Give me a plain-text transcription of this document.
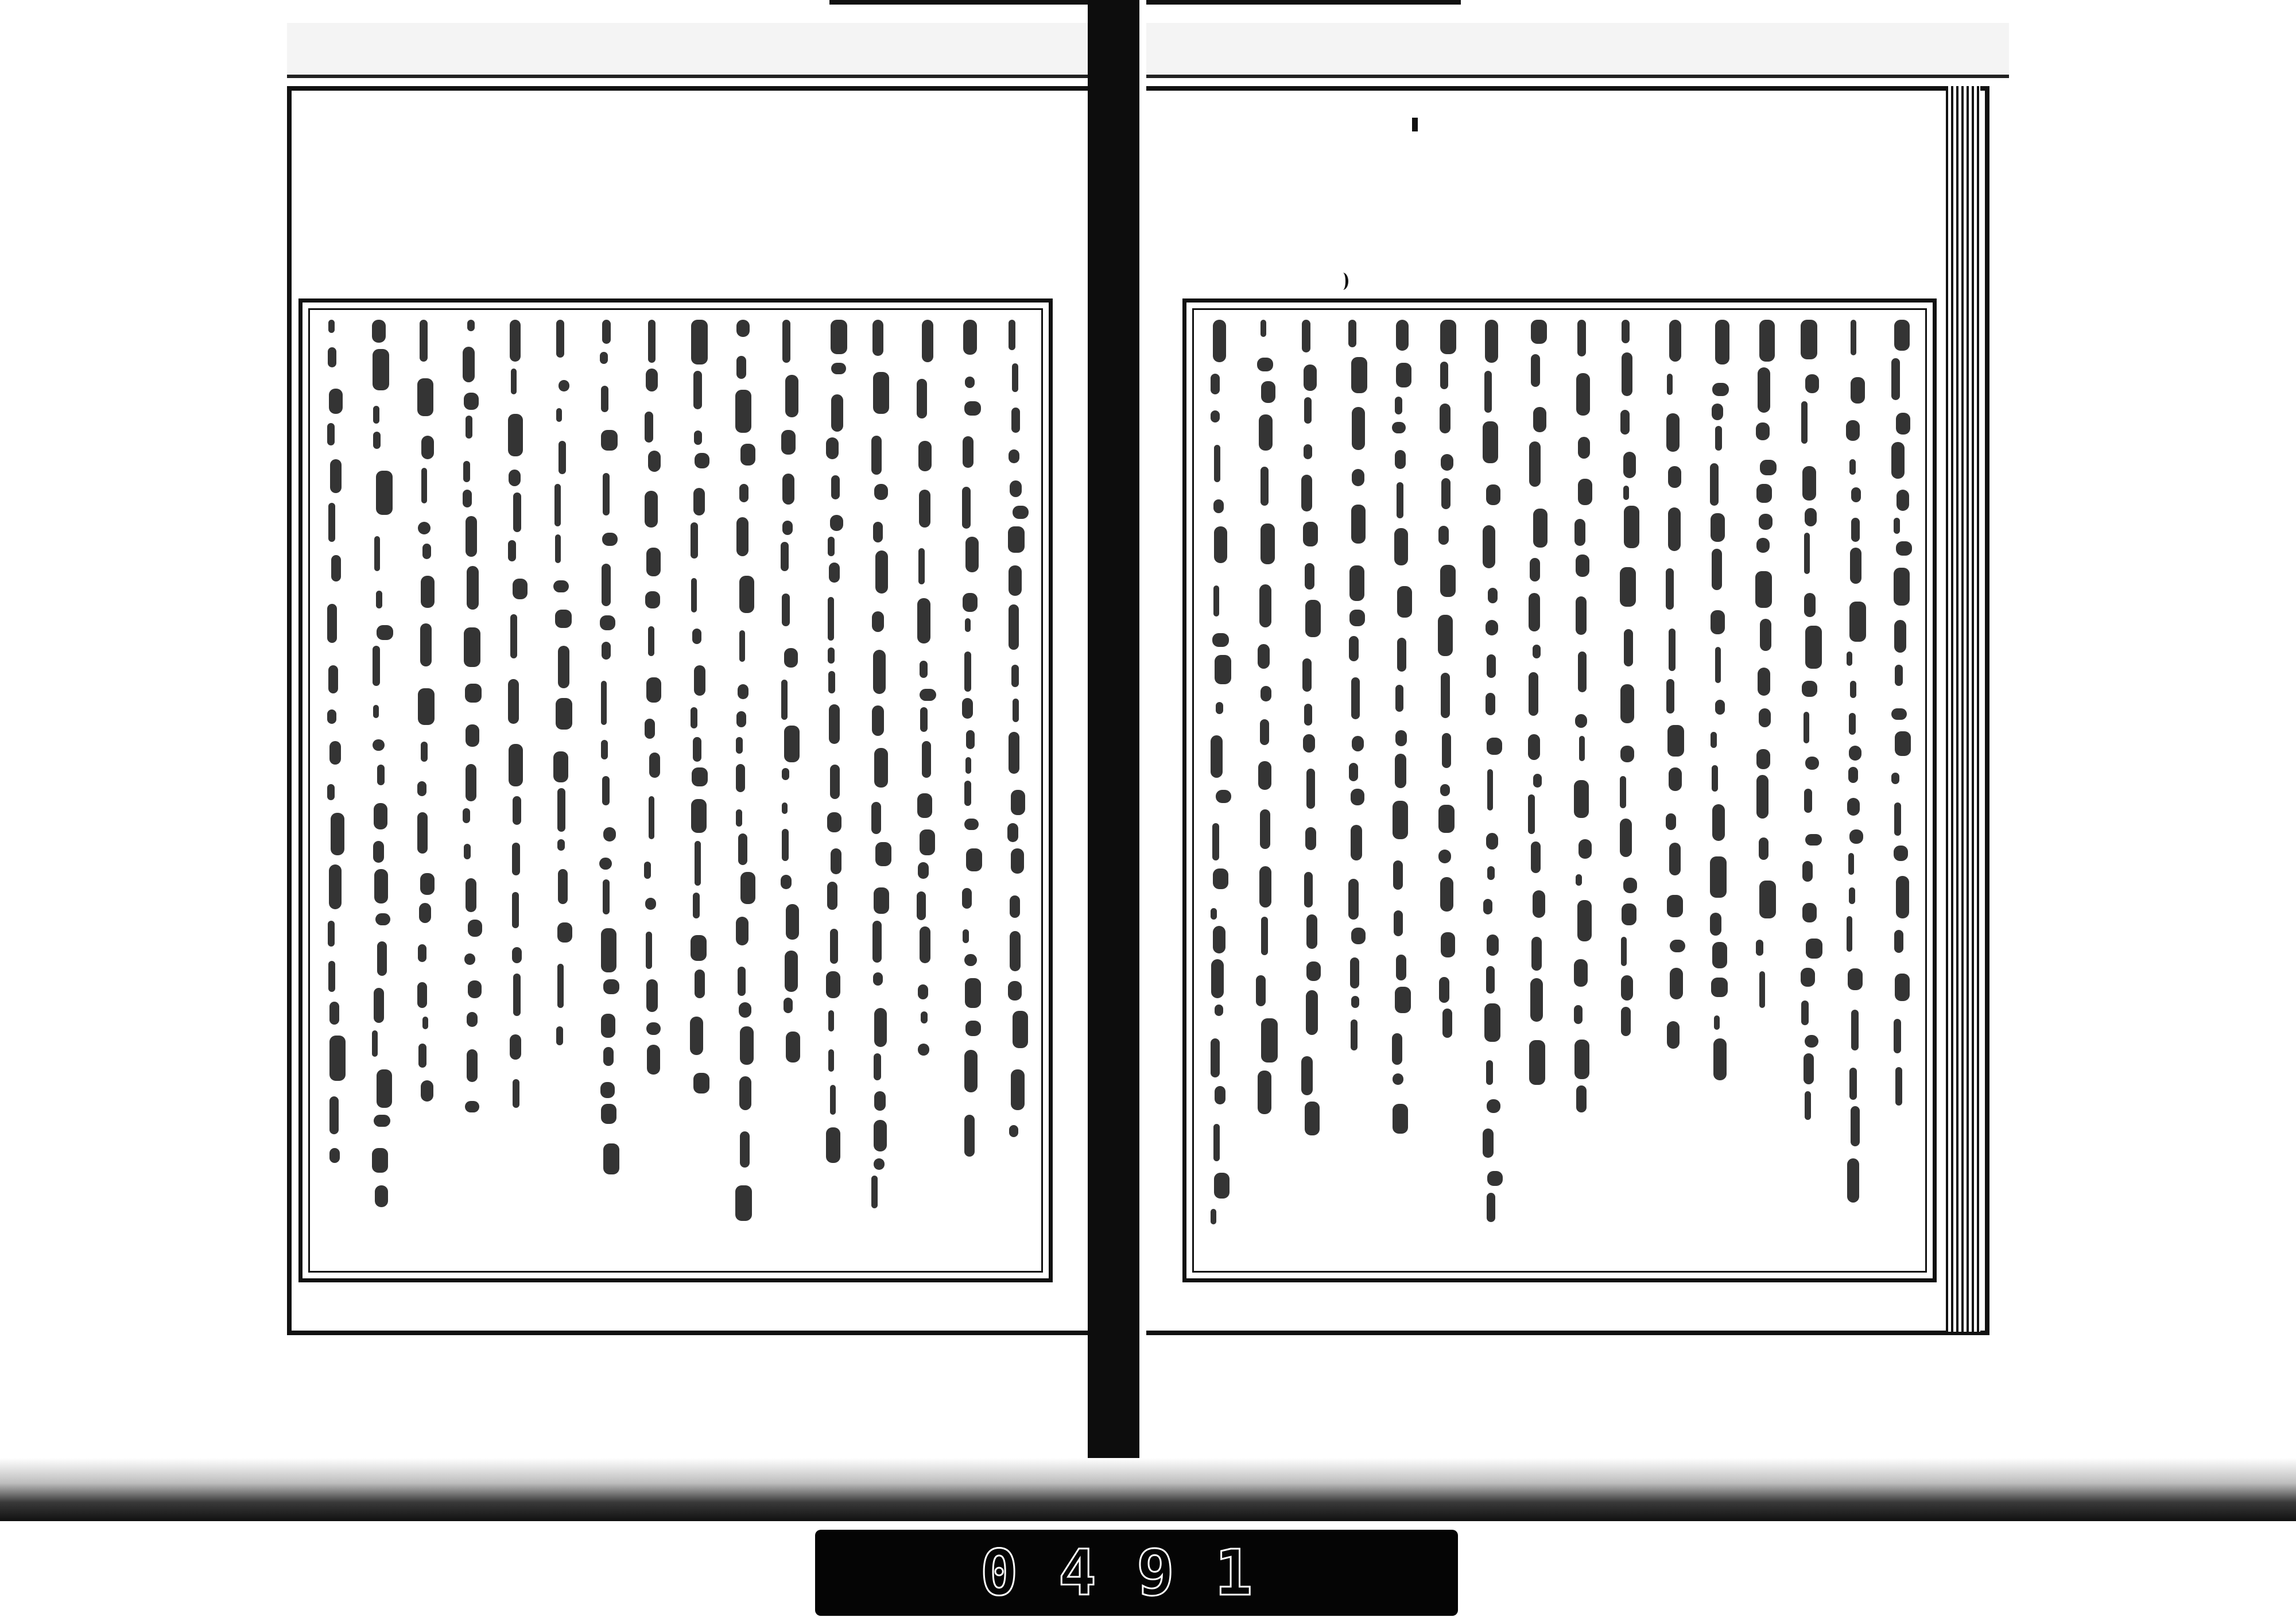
0491
